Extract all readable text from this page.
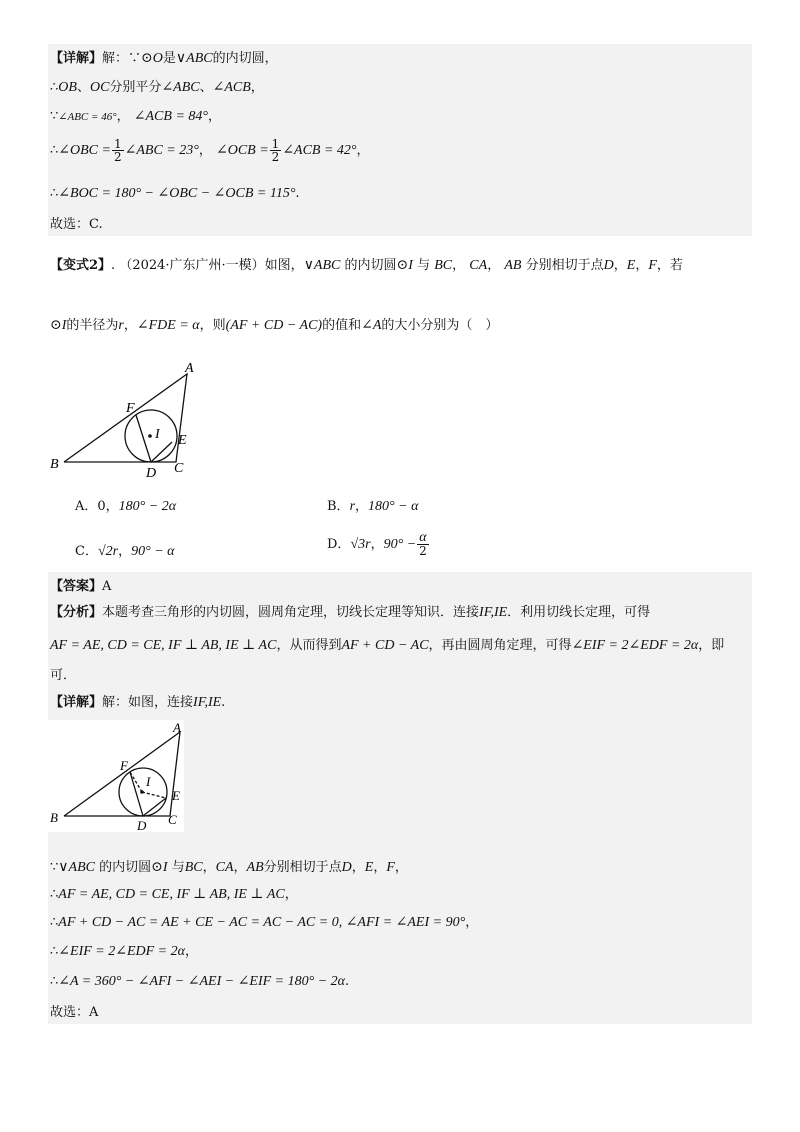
【详解】解：∵⊙O是∨ABC的内切圆，
∴OB、OC分别平分∠ABC、∠ACB，
∵∠ABC = 46°， ∠ACB = 84°，
∴∠OBC = $\frac{1}{2}$ ∠ABC = 23°， ∠OCB = $\frac{1}{2}$ ∠ACB = 42°，
∴∠BOC = 180° − ∠OBC − ∠OCB = 115°.
故选：C.
【变式2】. （2024·广东广州·一模）如图，∨ABC 的内切圆⊙I 与 BC， CA， AB 分别相切于点D，E，F，若
⊙I的半径为r，∠FDE = α，则(AF + CD − AC)的值和∠A的大小分别为（　）
A
B	C
D
E
F
I
A．0，180° − 2α	B．r，180° − α
C．√2r，90° − α	D．√3r，$90^\circ - \frac{\alpha}{2}$
【答案】A
【分析】本题考查三角形的内切圆，圆周角定理，切线长定理等知识．连接IF,IE．利用切线长定理，可得
AF = AE, CD = CE, IF ⊥ AB, IE ⊥ AC，从而得到AF + CD − AC，再由圆周角定理，可得∠EIF = 2∠EDF = 2α，即
可．
【详解】解：如图，连接IF,IE.
A
B	C
D
E
F
I
∵∨ABC 的内切圆⊙I 与BC，CA，AB分别相切于点D，E，F，
∴AF = AE, CD = CE, IF ⊥ AB, IE ⊥ AC，
∴AF + CD − AC = AE + CE − AC = AC − AC = 0, ∠AFI = ∠AEI = 90°，
∴∠EIF = 2∠EDF = 2α，
∴∠A = 360° − ∠AFI − ∠AEI − ∠EIF = 180° − 2α.
故选：A
